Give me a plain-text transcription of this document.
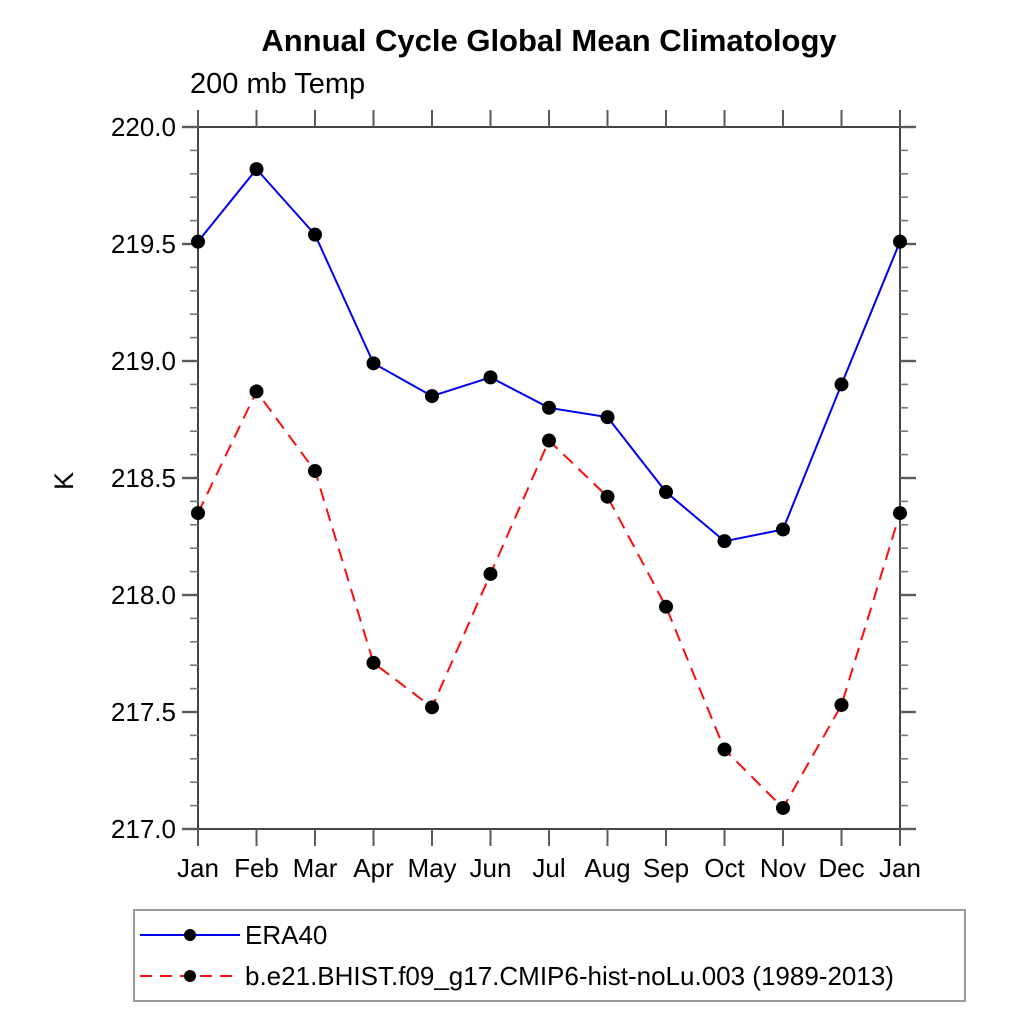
220.0
219.5
219.0
218.5
218.0
217.5
217.0
Jan Feb Mar Apr May Jun Jul Aug Sep Oct Nov Dec Jan
Annual Cycle Global Mean Climatology
200 mb Temp
K
ERA40
b.e21.BHIST.f09_g17.CMIP6-hist-noLu.003 (1989-2013)
